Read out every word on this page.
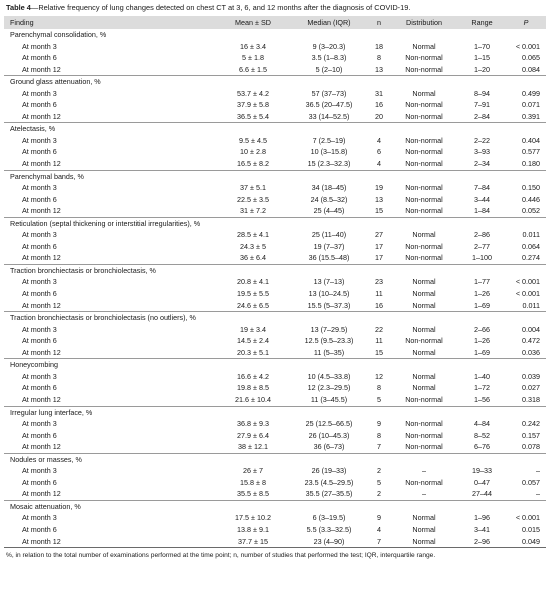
Table 4—Relative frequency of lung changes detected on chest CT at 3, 6, and 12 months after the diagnosis of COVID-19.
Finding	Mean ± SD	Median (IQR)	n	Distribution	Range	P
Parenchymal consolidation, %						
At month 3	16 ± 3.4	9 (3–20.3)	18	Normal	1–70	< 0.001
At month 6	5 ± 1.8	3.5 (1–8.3)	8	Non-normal	1–15	0.065
At month 12	6.6 ± 1.5	5 (2–10)	13	Non-normal	1–20	0.084
Ground glass attenuation, %						
At month 3	53.7 ± 4.2	57 (37–73)	31	Normal	8–94	0.499
At month 6	37.9 ± 5.8	36.5 (20–47.5)	16	Non-normal	7–91	0.071
At month 12	36.5 ± 5.4	33 (14–52.5)	20	Non-normal	2–84	0.391
Atelectasis, %						
At month 3	9.5 ± 4.5	7 (2.5–19)	4	Non-normal	2–22	0.404
At month 6	10 ± 2.8	10 (3–15.8)	6	Non-normal	3–93	0.577
At month 12	16.5 ± 8.2	15 (2.3–32.3)	4	Non-normal	2–34	0.180
Parenchymal bands, %						
At month 3	37 ± 5.1	34 (18–45)	19	Non-normal	7–84	0.150
At month 6	22.5 ± 3.5	24 (8.5–32)	13	Non-normal	3–44	0.446
At month 12	31 ± 7.2	25 (4–45)	15	Non-normal	1–84	0.052
Reticulation (septal thickening or interstitial irregularities), %						
At month 3	28.5 ± 4.1	25 (11–40)	27	Normal	2–86	0.011
At month 6	24.3 ± 5	19 (7–37)	17	Non-normal	2–77	0.064
At month 12	36 ± 6.4	36 (15.5–48)	17	Non-normal	1–100	0.274
Traction bronchiectasis or bronchiolectasis, %						
At month 3	20.8 ± 4.1	13 (7–13)	23	Normal	1–77	< 0.001
At month 6	19.5 ± 5.5	13 (10–24.5)	11	Normal	1–26	< 0.001
At month 12	24.6 ± 6.5	15.5 (5–37.3)	16	Normal	1–69	0.011
Traction bronchiectasis or bronchiolectasis (no outliers), %						
At month 3	19 ± 3.4	13 (7–29.5)	22	Normal	2–66	0.004
At month 6	14.5 ± 2.4	12.5 (9.5–23.3)	11	Non-normal	1–26	0.472
At month 12	20.3 ± 5.1	11 (5–35)	15	Normal	1–69	0.036
Honeycombing						
At month 3	16.6 ± 4.2	10 (4.5–33.8)	12	Normal	1–40	0.039
At month 6	19.8 ± 8.5	12 (2.3–29.5)	8	Normal	1–72	0.027
At month 12	21.6 ± 10.4	11 (3–45.5)	5	Non-normal	1–56	0.318
Irregular lung interface, %						
At month 3	36.8 ± 9.3	25 (12.5–66.5)	9	Non-normal	4–84	0.242
At month 6	27.9 ± 6.4	26 (10–45.3)	8	Non-normal	8–52	0.157
At month 12	38 ± 12.1	36 (6–73)	7	Non-normal	6–76	0.078
Nodules or masses, %						
At month 3	26 ± 7	26 (19–33)	2	–	19–33	–
At month 6	15.8 ± 8	23.5 (4.5–29.5)	5	Non-normal	0–47	0.057
At month 12	35.5 ± 8.5	35.5 (27–35.5)	2	–	27–44	–
Mosaic attenuation, %						
At month 3	17.5 ± 10.2	6 (3–19.5)	9	Normal	1–96	< 0.001
At month 6	13.8 ± 9.1	5.5 (3.3–32.5)	4	Normal	3–41	0.015
At month 12	37.7 ± 15	23 (4–90)	7	Normal	2–96	0.049
%, in relation to the total number of examinations performed at the time point; n, number of studies that performed the test; IQR, interquartile range.
